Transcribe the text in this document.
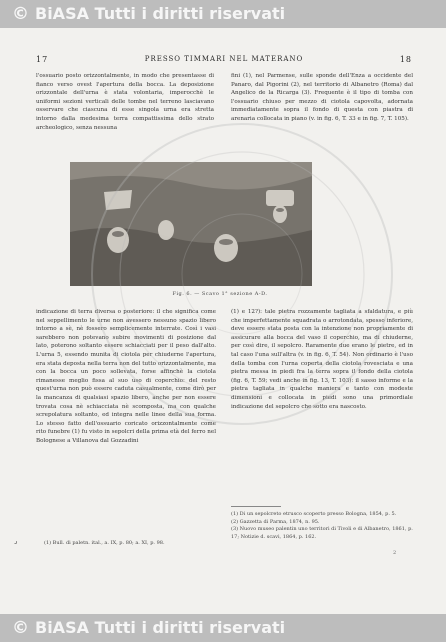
© BiASA Tutti i diritti riservati
17	PRESSO TIMMARI NEL MATERANO	18

l'ossuario posto orizzontalmente, in modo che presentasse di fianco verso ovest l'apertura della bocca. La deposizione orizzontale dell'urna è stata volontaria, imperocchè le uniformi sezioni verticali delle tombe nel terreno lasciavano osservare che ciascuna di esse singola urna era stretta intorno dalla medesima terra compattissima dello strato archeologico, senza nessuna

fini (1), nel Parmense, sulle sponde dell'Enza a occidente del Panaro, dal Pigorini (2), nel territorio di Albanetro (Roma) dal Angelico de la Ricarga (3). Frequente è il tipo di tomba con l'ossuario chiuso per mezzo di ciotola capovolta, adornata immediatamente sopra il fondo di questa con piastra di arenaria collocata in piano (v. in fig. 6, T. 33 e in fig. 7, T. 105).

Fig. 6. — Scavo 1° sezione A-D.

indicazione di terra diversa o posteriore: il che significa come nel seppellimento le urne non avessero nessuno spazio libero intorno a sè, nè fossero semplicemente interrate. Così i vasi sarebbero non potevano subire movimenti di posizione dal lato, poterono soltanto essere schiacciati per il peso dall'alto. L'urna 5, essendo munita di ciotola per chiuderne l'apertura, era stata deposta nella terra non del tutto orizzontalmente, ma con la bocca un poco sollevata, forse affinchè la ciotola rimanesse meglio fissa al suo uso di coperchio: del resto quest'urna non può essere caduta casualmente, come dirò per la mancanza di qualsiasi spazio libero, anche per non essere trovata cosa nè schiacciata nè scomposta, ma con qualche screpolatura soltanto, ed integra nelle linee della sua forma. Lo stesso fatto dell'ossuario coricato orizzontalmente come rito funebre (1) fu visto in sepolcri della prima età del ferro nel Bolognese a Villanova dal Gozzadini

(1) e 12?): tale pietra rozzamente tagliata a sfaldatura, e più che imperfettamente squadrata o arrotondata, spesso inferiore, deve essere stata posta con la intenzione non propriamente di assicurare alla bocca del vaso il coperchio, ma di chiuderne, per così dire, il sepolcro. Raramente due erano le pietre, ed in tal caso l'una sull'altra (v. in fig. 6, T. 54). Non ordinario è l'uso della tomba con l'urna coperta della ciotola rovesciata e una pietra messa in piedi fra la terra sopra il fondo della ciotola (fig. 6, T. 59; vedi anche in fig. 13, T. 103): il sasso informe e la pietra tagliata in qualche maniera e tanto con modeste dimensioni e collocata in piedi sono una primordiale indicazione del sepolcro che sotto era nascosto.

⌟	(1) Bull. di paletn. ital., a. IX, p. 80; a. XI, p. 98.
(1) Di un sepolcreto etrusco scoperto presso Bologna, 1854, p. 5.
(2) Gazzetta di Parma, 1874, n. 95.
(3) Nuovo museo palentin uno territori di Tivoli e di Albanetro, 1861, p. 17; Notizie d. scavi, 1864, p. 162.
2
© BiASA Tutti i diritti riservati
